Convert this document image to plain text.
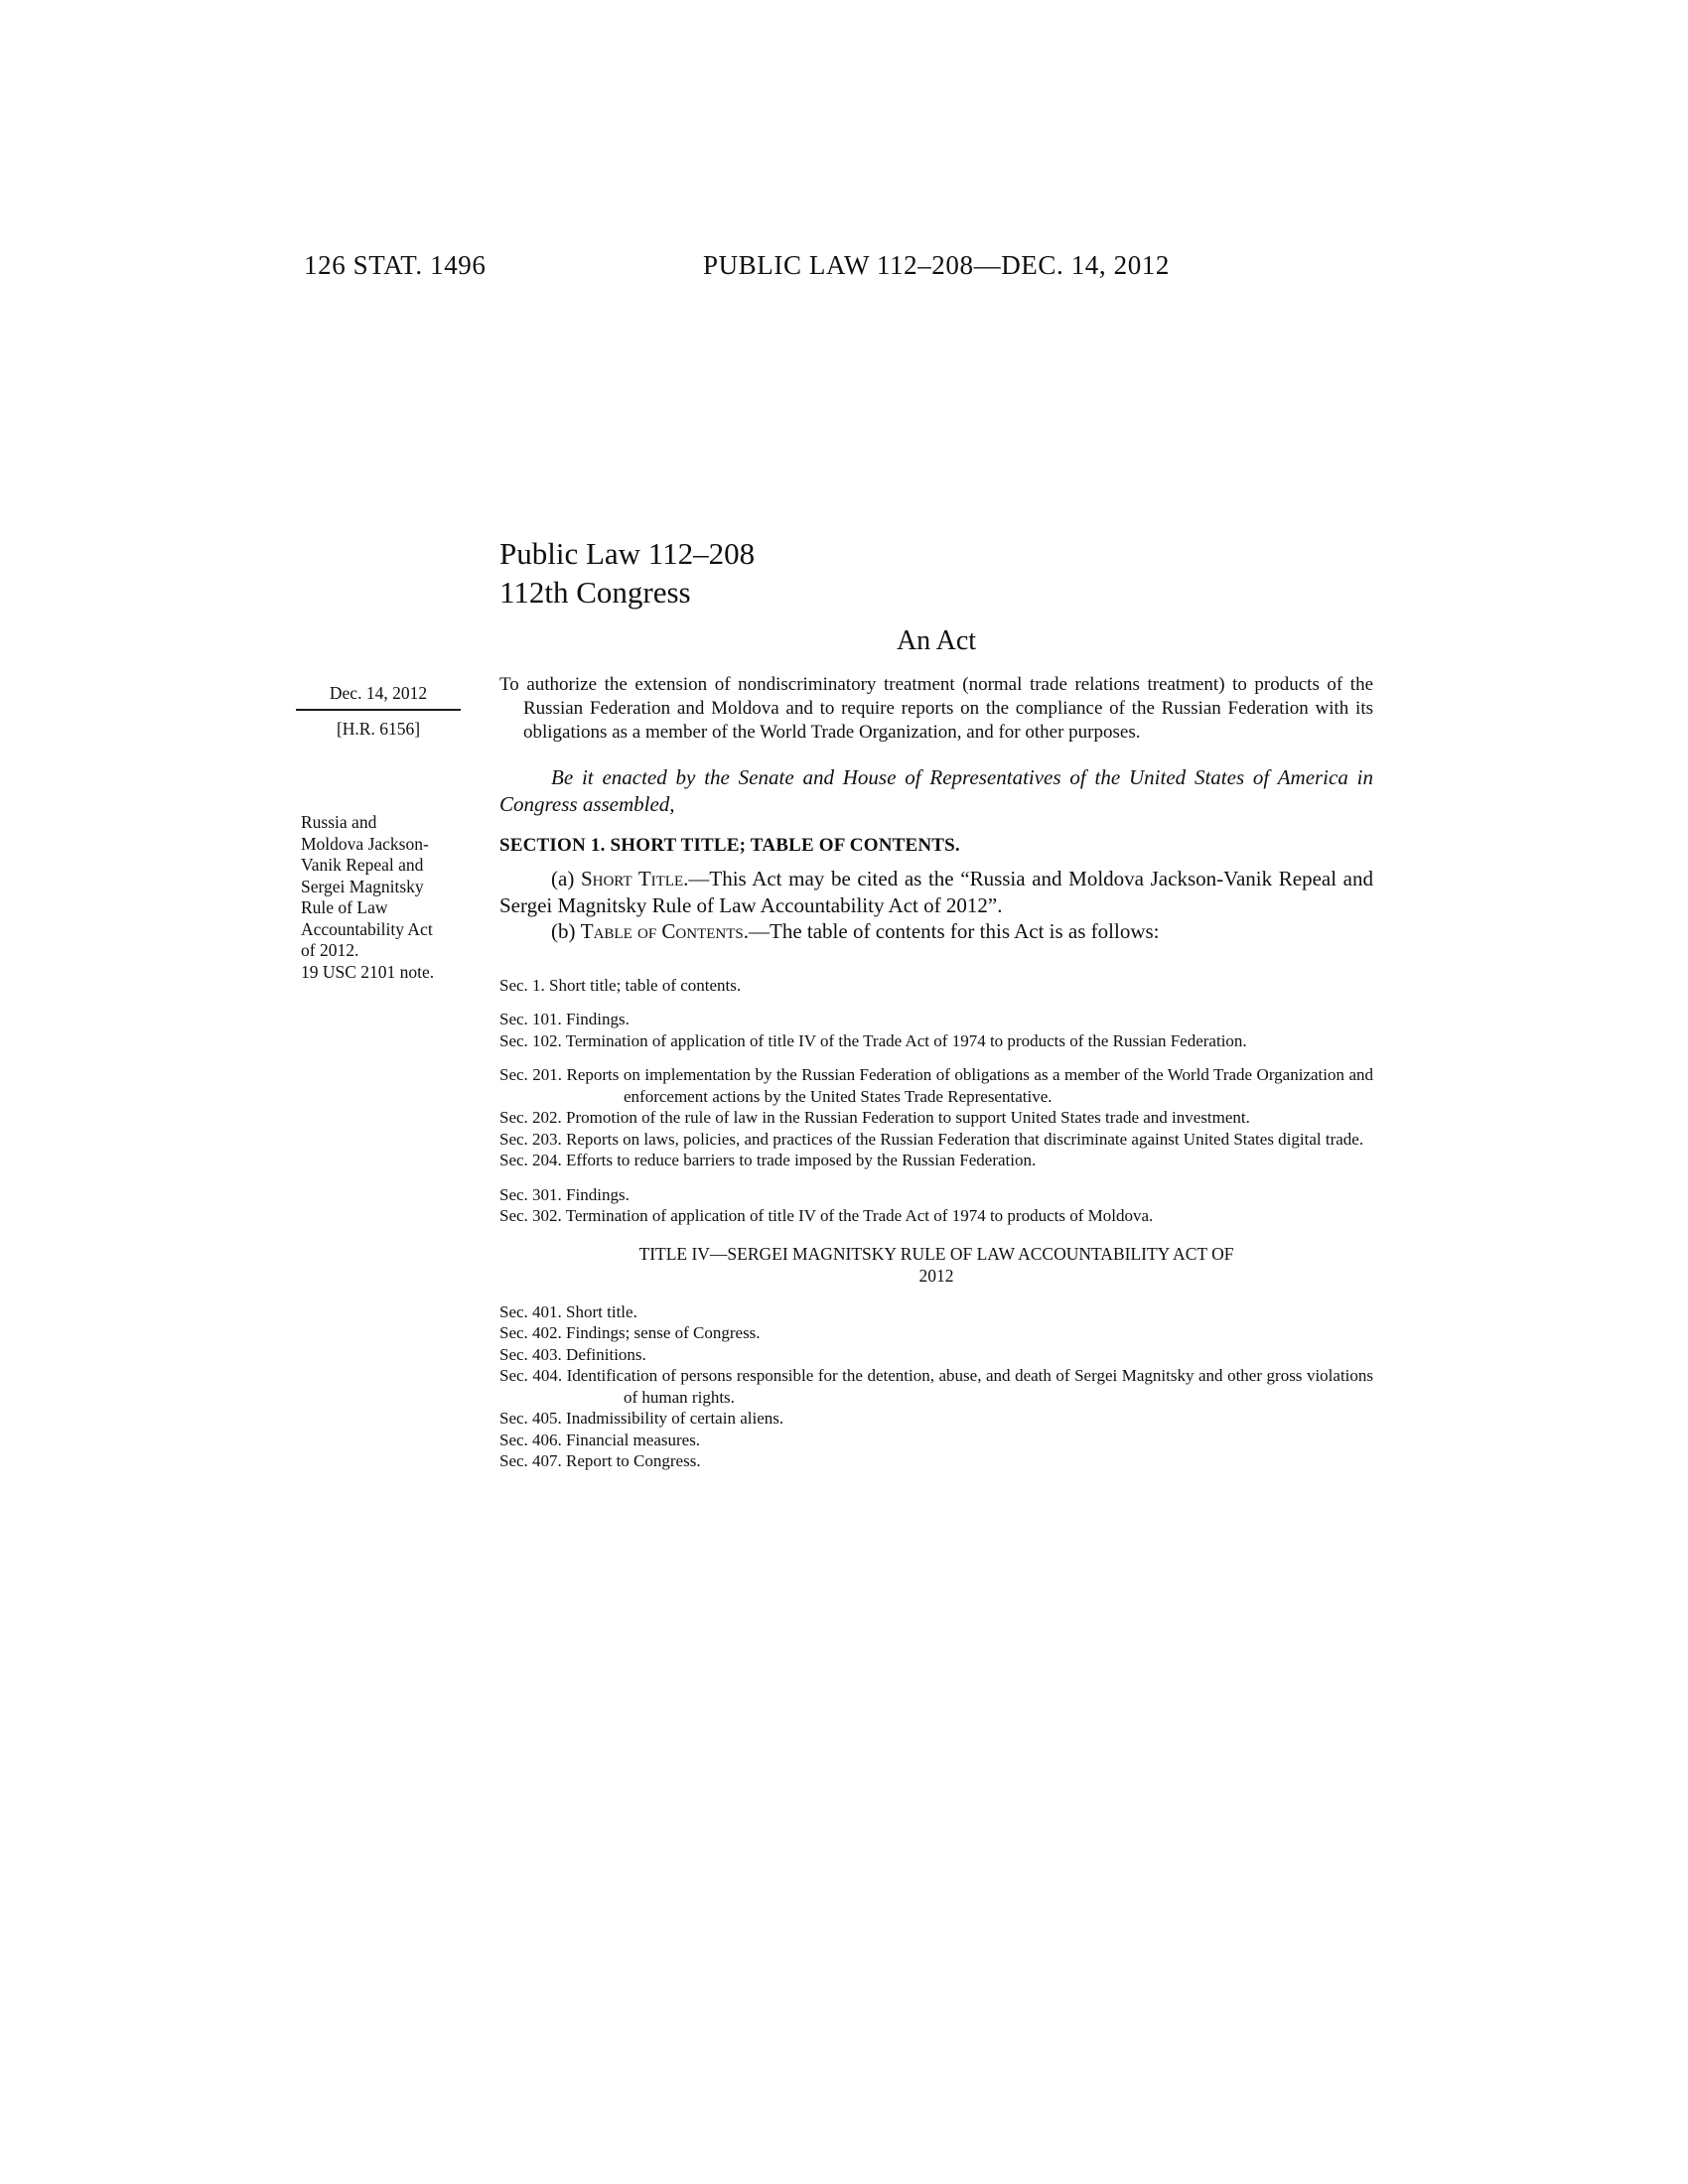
126 STAT. 1496	PUBLIC LAW 112–208—DEC. 14, 2012
Dec. 14, 2012
[H.R. 6156]
Russia and Moldova Jackson-Vanik Repeal and Sergei Magnitsky Rule of Law Accountability Act of 2012.
19 USC 2101 note.
Public Law 112–208
112th Congress
An Act

To authorize the extension of nondiscriminatory treatment (normal trade relations treatment) to products of the Russian Federation and Moldova and to require reports on the compliance of the Russian Federation with its obligations as a member of the World Trade Organization, and for other purposes.

Be it enacted by the Senate and House of Representatives of the United States of America in Congress assembled,

SECTION 1. SHORT TITLE; TABLE OF CONTENTS.

(a) Short Title.—This Act may be cited as the “Russia and Moldova Jackson-Vanik Repeal and Sergei Magnitsky Rule of Law Accountability Act of 2012”.

(b) Table of Contents.—The table of contents for this Act is as follows:

Sec. 1. Short title; table of contents.

Sec. 101. Findings.

Sec. 102. Termination of application of title IV of the Trade Act of 1974 to products of the Russian Federation.

Sec. 201. Reports on implementation by the Russian Federation of obligations as a member of the World Trade Organization and enforcement actions by the United States Trade Representative.

Sec. 202. Promotion of the rule of law in the Russian Federation to support United States trade and investment.

Sec. 203. Reports on laws, policies, and practices of the Russian Federation that discriminate against United States digital trade.

Sec. 204. Efforts to reduce barriers to trade imposed by the Russian Federation.

Sec. 301. Findings.

Sec. 302. Termination of application of title IV of the Trade Act of 1974 to products of Moldova.

TITLE IV—SERGEI MAGNITSKY RULE OF LAW ACCOUNTABILITY ACT OF
2012

Sec. 401. Short title.

Sec. 402. Findings; sense of Congress.

Sec. 403. Definitions.

Sec. 404. Identification of persons responsible for the detention, abuse, and death of Sergei Magnitsky and other gross violations of human rights.

Sec. 405. Inadmissibility of certain aliens.

Sec. 406. Financial measures.

Sec. 407. Report to Congress.
